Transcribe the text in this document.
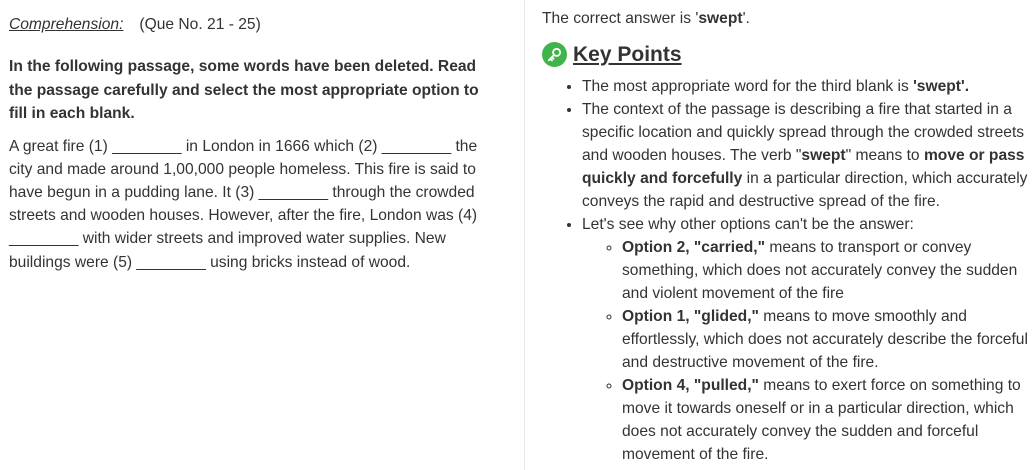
Comprehension: (Que No. 21 - 25)
In the following passage, some words have been deleted. Read the passage carefully and select the most appropriate option to fill in each blank.
A great fire (1) ________ in London in 1666 which (2) ________ the city and made around 1,00,000 people homeless. This fire is said to have begun in a pudding lane. It (3) ________ through the crowded streets and wooden houses. However, after the fire, London was (4) ________ with wider streets and improved water supplies. New buildings were (5) ________ using bricks instead of wood.
The correct answer is 'swept'.
Key Points
• The most appropriate word for the third blank is 'swept'.
• The context of the passage is describing a fire that started in a specific location and quickly spread through the crowded streets and wooden houses. The verb "swept" means to move or pass quickly and forcefully in a particular direction, which accurately conveys the rapid and destructive spread of the fire.
• Let's see why other options can't be the answer:
◦ Option 2, "carried," means to transport or convey something, which does not accurately convey the sudden and violent movement of the fire
◦ Option 1, "glided," means to move smoothly and effortlessly, which does not accurately describe the forceful and destructive movement of the fire.
◦ Option 4, "pulled," means to exert force on something to move it towards oneself or in a particular direction, which does not accurately convey the sudden and forceful movement of the fire.
